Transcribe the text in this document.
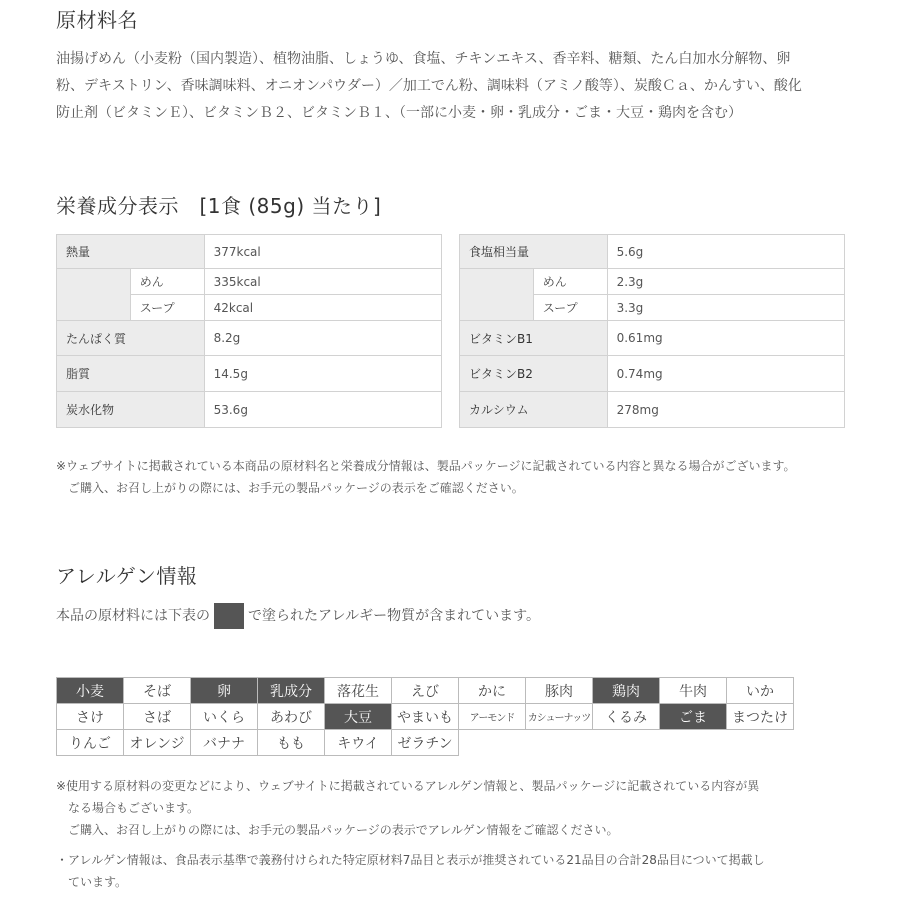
原材料名
油揚げめん（小麦粉（国内製造）、植物油脂、しょうゆ、食塩、チキンエキス、香辛料、糖類、たん白加水分解物、卵
粉、デキストリン、香味調味料、オニオンパウダー）／加工でん粉、調味料（アミノ酸等）、炭酸Ｃａ、かんすい、酸化
防止剤（ビタミンＥ）、ビタミンＢ２、ビタミンＢ１、（一部に小麦・卵・乳成分・ごま・大豆・鶏肉を含む）
栄養成分表示　[1食 (85g) 当たり]
熱量		377kcal
	めん	335kcal
	スープ	42kcal
たんぱく質		8.2g
脂質		14.5g
炭水化物		53.6g
食塩相当量		5.6g
	めん	2.3g
	スープ	3.3g
ビタミンB1		0.61mg
ビタミンB2		0.74mg
カルシウム		278mg
※ウェブサイトに掲載されている本商品の原材料名と栄養成分情報は、製品パッケージに記載されている内容と異なる場合がございます。
ご購入、お召し上がりの際には、お手元の製品パッケージの表示をご確認ください。
アレルゲン情報
本品の原材料には下表の	で塗られたアレルギー物質が含まれています。
小麦	そば	卵	乳成分	落花生	えび	かに	豚肉	鶏肉	牛肉	いか
さけ	さば	いくら	あわび	大豆	やまいも	アーモンド	カシューナッツ	くるみ	ごま	まつたけ
りんご	オレンジ	バナナ	もも	キウイ	ゼラチン					
※使用する原材料の変更などにより、ウェブサイトに掲載されているアレルゲン情報と、製品パッケージに記載されている内容が異
なる場合もございます。
ご購入、お召し上がりの際には、お手元の製品パッケージの表示でアレルゲン情報をご確認ください。
・アレルゲン情報は、食品表示基準で義務付けられた特定原材料7品目と表示が推奨されている21品目の合計28品目について掲載し
ています。
